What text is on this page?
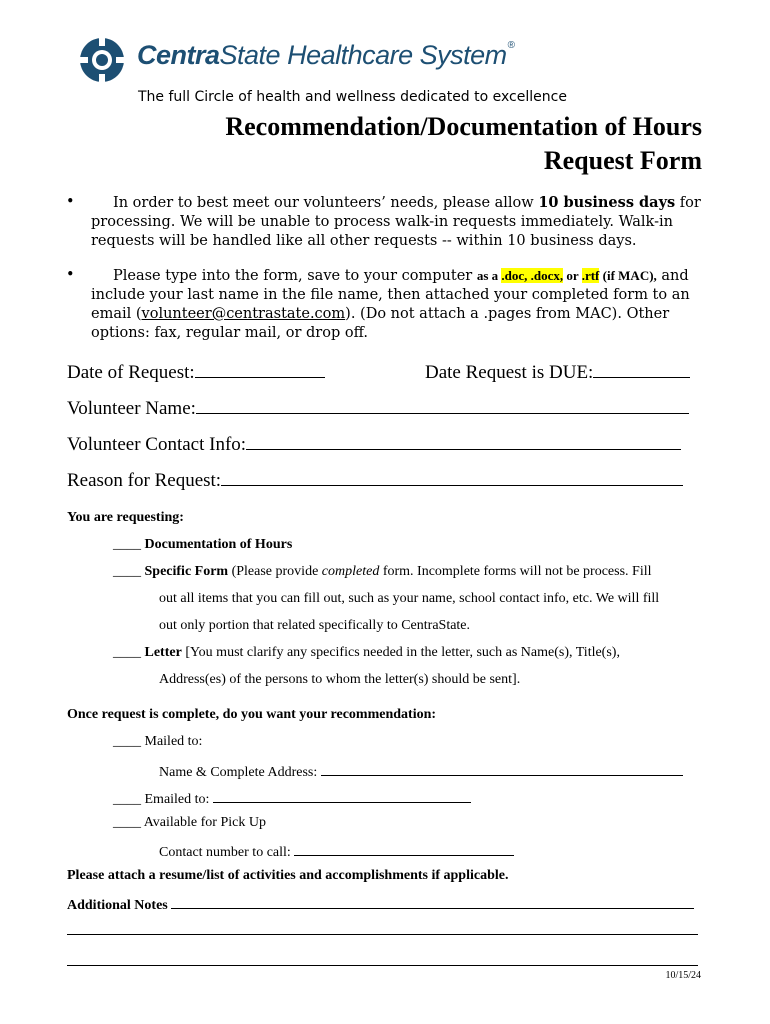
CentraState Healthcare System®
The full Circle of health and wellness dedicated to excellence
Recommendation/Documentation of Hours
Request Form
•	In order to best meet our volunteers’ needs, please allow 10 business days for processing. We will be unable to process walk-in requests immediately. Walk-in requests will be handled like all other requests -- within 10 business days.
•	Please type into the form, save to your computer as a .doc, .docx, or .rtf (if MAC), and include your last name in the file name, then attached your completed form to an email (volunteer@centrastate.com). (Do not attach a .pages from MAC). Other options: fax, regular mail, or drop off.
Date of Request:	Date Request is DUE:
Volunteer Name:
Volunteer Contact Info:
Reason for Request:
You are requesting:
____ Documentation of Hours
____ Specific Form (Please provide completed form. Incomplete forms will not be process. Fill
out all items that you can fill out, such as your name, school contact info, etc. We will fill
out only portion that related specifically to CentraState.
____ Letter [You must clarify any specifics needed in the letter, such as Name(s), Title(s),
Address(es) of the persons to whom the letter(s) should be sent].
Once request is complete, do you want your recommendation:
____ Mailed to:
Name & Complete Address:
____ Emailed to:
____ Available for Pick Up
Contact number to call:
Please attach a resume/list of activities and accomplishments if applicable.
Additional Notes
10/15/24
